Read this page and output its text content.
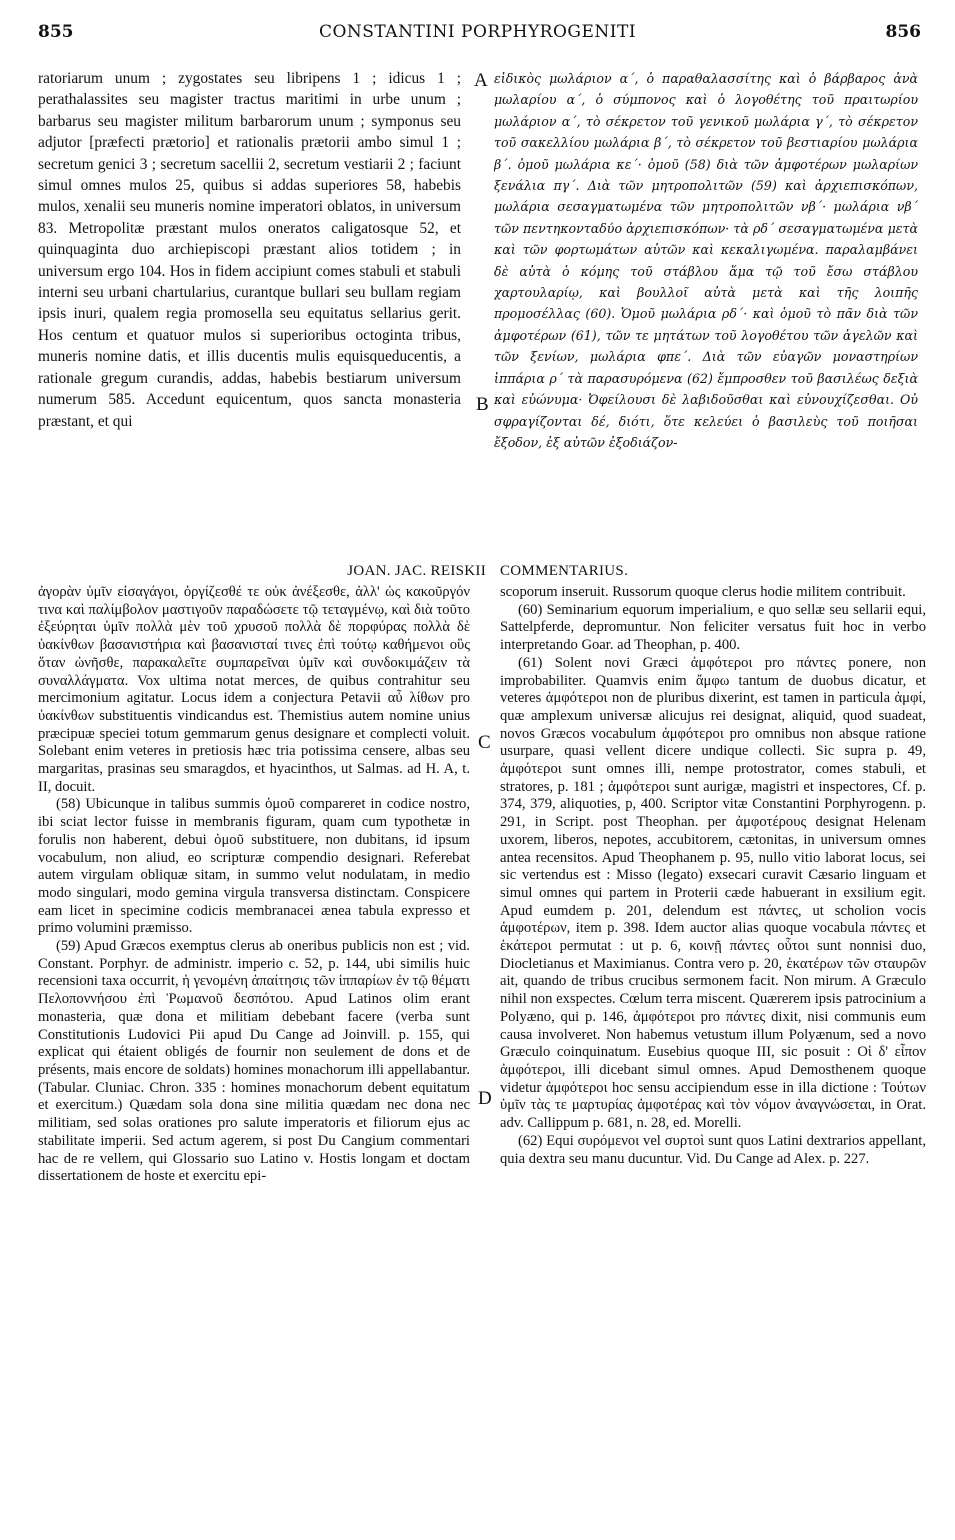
855	CONSTANTINI PORPHYROGENITI	856

ratoriarum unum ; zygostates seu libripens 1 ; idicus 1 ; perathalassites seu magister tractus maritimi in urbe unum ; barbarus seu magister militum barbarorum unum ; symponus seu adjutor [præfecti prætorio] et rationalis prætorii ambo simul 1 ; secretum genici 3 ; secretum sacellii 2, secretum vestiarii 2 ; faciunt simul omnes mulos 25, quibus si addas superiores 58, habebis mulos, xenalii seu muneris nomine imperatori oblatos, in universum 83. Metropolitæ præstant mulos oneratos caligatosque 52, et quinquaginta duo archiepiscopi præstant alios totidem ; in universum ergo 104. Hos in fidem accipiunt comes stabuli et stabuli interni seu urbani chartularius, curantque bullari seu bullam regiam ipsis inuri, qualem regia promosella seu equitatus sellarius gerit. Hos centum et quatuor mulos si superioribus octoginta tribus, muneris nomine datis, et illis ducentis mulis equisqueducentis, a rationale gregum curandis, addas, habebis bestiarum universum numerum 585. Accedunt equicentum, quos sancta monasteria præstant, et qui

εἰδικὸς μωλάριον α΄, ὁ παραθαλασσίτης καὶ ὁ βάρβαρος ἀνὰ μωλαρίου α΄, ὁ σύμπονος καὶ ὁ λογοθέτης τοῦ πραιτωρίου μωλάριον α΄, τὸ σέκρετον τοῦ γενικοῦ μωλάρια γ΄, τὸ σέκρετον τοῦ σακελλίου μωλάρια β΄, τὸ σέκρετον τοῦ βεστιαρίου μωλάρια β΄. ὁμοῦ μωλάρια κε΄· ὁμοῦ (58) διὰ τῶν ἀμφοτέρων μωλαρίων ξενάλια πγ΄. Διὰ τῶν μητροπολιτῶν (59) καὶ ἀρχιεπισκόπων, μωλάρια σεσαγματωμένα τῶν μητροπολιτῶν νβ΄· μωλάρια νβ΄ τῶν πεντηκονταδύο ἀρχιεπισκόπων· τὰ ρδ΄ σεσαγματωμένα μετὰ καὶ τῶν φορτωμάτων αὐτῶν καὶ κεκαλιγωμένα. παραλαμβάνει δὲ αὐτὰ ὁ κόμης τοῦ στάβλου ἅμα τῷ τοῦ ἔσω στάβλου χαρτουλαρίῳ, καὶ βουλλοῖ αὐτὰ μετὰ καὶ τῆς λοιπῆς προμοσέλλας (60). Ὁμοῦ μωλάρια ρδ΄· καὶ ὁμοῦ τὸ πᾶν διὰ τῶν ἀμφοτέρων (61), τῶν τε μητάτων τοῦ λογοθέτου τῶν ἀγελῶν καὶ τῶν ξενίων, μωλάρια φπε΄. Διὰ τῶν εὐαγῶν μοναστηρίων ἱππάρια ρ΄ τὰ παρασυρόμενα (62) ἔμπροσθεν τοῦ βασιλέως δεξιὰ καὶ εὐώνυμα· Ὀφείλουσι δὲ λαβιδοῦσθαι καὶ εὐνουχίζεσθαι. Οὐ σφραγίζονται δέ, διότι, ὅτε κελεύει ὁ βασιλεὺς τοῦ ποιῆσαι ἔξοδον, ἐξ αὐτῶν ἐξοδιάζον-

A
B
C
D
JOAN. JAC. REISKII COMMENTARIUS.

ἀγορὰν ὑμῖν εἰσαγάγοι, ὀργίζεσθέ τε οὐκ ἀνέξεσθε, ἀλλ' ὡς κακοῦργόν τινα καὶ παλίμβολον μαστιγοῦν παραδώσετε τῷ τεταγμένῳ, καὶ διὰ τοῦτο ἐξεύρηται ὑμῖν πολλὰ μὲν τοῦ χρυσοῦ πολλὰ δὲ πορφύρας πολλὰ δὲ ὑακίνθων βασανιστήρια καὶ βασανισταί τινες ἐπὶ τούτῳ καθήμενοι οὓς ὅταν ὠνῆσθε, παρακαλεῖτε συμπαρεῖναι ὑμῖν καὶ συνδοκιμάζειν τὰ συναλλάγματα. Vox ultima notat merces, de quibus contrahitur seu mercimonium agitatur. Locus idem a conjectura Petavii αὖ λίθων pro ὑακίνθων substituentis vindicandus est. Themistius autem nomine unius præcipuæ speciei totum gemmarum genus designare et complecti voluit. Solebant enim veteres in pretiosis hæc tria potissima censere, albas seu margaritas, prasinas seu smaragdos, et hyacinthos, ut Salmas. ad H. A, t. II, docuit.

(58) Ubicunque in talibus summis ὁμοῦ compareret in codice nostro, ibi sciat lector fuisse in membranis figuram, quam cum typothetæ in forulis non haberent, debui ὁμοῦ substituere, non dubitans, id ipsum vocabulum, non aliud, eo scripturæ compendio designari. Referebat autem virgulam obliquæ sitam, in summo velut nodulatam, in medio modo singulari, modo gemina virgula transversa distinctam. Conspicere eam licet in specimine codicis membranacei ænea tabula expresso et primo volumini præmisso.

(59) Apud Græcos exemptus clerus ab oneribus publicis non est ; vid. Constant. Porphyr. de administr. imperio c. 52, p. 144, ubi similis huic recensioni taxa occurrit, ἡ γενομένη ἀπαίτησις τῶν ἱππαρίων ἐν τῷ θέματι Πελοποννήσου ἐπὶ Ῥωμανοῦ δεσπότου. Apud Latinos olim erant monasteria, quæ dona et militiam debebant facere (verba sunt Constitutionis Ludovici Pii apud Du Cange ad Joinvill. p. 155, qui explicat qui étaient obligés de fournir non seulement de dons et de présents, mais encore de soldats) homines monachorum illi appellabantur. (Tabular. Cluniac. Chron. 335 : homines monachorum debent equitatum et exercitum.) Quædam sola dona sine militia quædam nec dona nec militiam, sed solas orationes pro salute imperatoris et filiorum ejus ac stabilitate imperii. Sed actum agerem, si post Du Cangium commentari hac de re vellem, qui Glossario suo Latino v. Hostis longam et doctam dissertationem de hoste et exercitu epi-

scoporum inseruit. Russorum quoque clerus hodie militem contribuit.

(60) Seminarium equorum imperialium, e quo sellæ seu sellarii equi, Sattelpferde, depromuntur. Non feliciter versatus fuit hoc in verbo interpretando Goar. ad Theophan, p. 400.

(61) Solent novi Græci ἀμφότεροι pro πάντες ponere, non improbabiliter. Quamvis enim ἄμφω tantum de duobus dicatur, et veteres ἀμφότεροι non de pluribus dixerint, est tamen in particula ἀμφί, quæ amplexum universæ alicujus rei designat, aliquid, quod suadeat, novos Græcos vocabulum ἀμφότεροι pro omnibus non absque ratione usurpare, quasi vellent dicere undique collecti. Sic supra p. 49, ἀμφότεροι sunt omnes illi, nempe protostrator, comes stabuli, et stratores, p. 181 ; ἀμφότεροι sunt aurigæ, magistri et inspectores, Cf. p. 374, 379, aliquoties, p, 400. Scriptor vitæ Constantini Porphyrogenn. p. 291, in Script. post Theophan. per ἀμφοτέρους designat Helenam uxorem, liberos, nepotes, accubitorem, cætonitas, in universum omnes antea recensitos. Apud Theophanem p. 95, nullo vitio laborat locus, sei sic vertendus est : Misso (legato) exsecari curavit Cæsario linguam et simul omnes qui partem in Proterii cæde habuerant in exsilium egit. Apud eumdem p. 201, delendum est πάντες, ut scholion vocis ἀμφοτέρων, item p. 398. Idem auctor alias quoque vocabula πάντες et ἑκάτεροι permutat : ut p. 6, κοινῇ πάντες οὗτοι sunt nonnisi duo, Diocletianus et Maximianus. Contra vero p. 20, ἑκατέρων τῶν σταυρῶν ait, quando de tribus crucibus sermonem facit. Non mirum. A Græculo nihil non exspectes. Cœlum terra miscent. Quærerem ipsis patrocinium a Polyæno, qui p. 146, ἀμφότεροι pro πάντες dixit, nisi communis eum causa involveret. Non habemus vetustum illum Polyænum, sed a novo Græculo coinquinatum. Eusebius quoque III, sic posuit : Οἱ δ' εἶπον ἀμφότεροι, illi dicebant simul omnes. Apud Demosthenem quoque videtur ἀμφότεροι hoc sensu accipiendum esse in illa dictione : Τούτων ὑμῖν τὰς τε μαρτυρίας ἀμφοτέρας καὶ τὸν νόμον ἀναγνώσεται, in Orat. adv. Callippum p. 681, n. 28, ed. Morelli.

(62) Equi συρόμενοι vel συρτοὶ sunt quos Latini dextrarios appellant, quia dextra seu manu ducuntur. Vid. Du Cange ad Alex. p. 227.
